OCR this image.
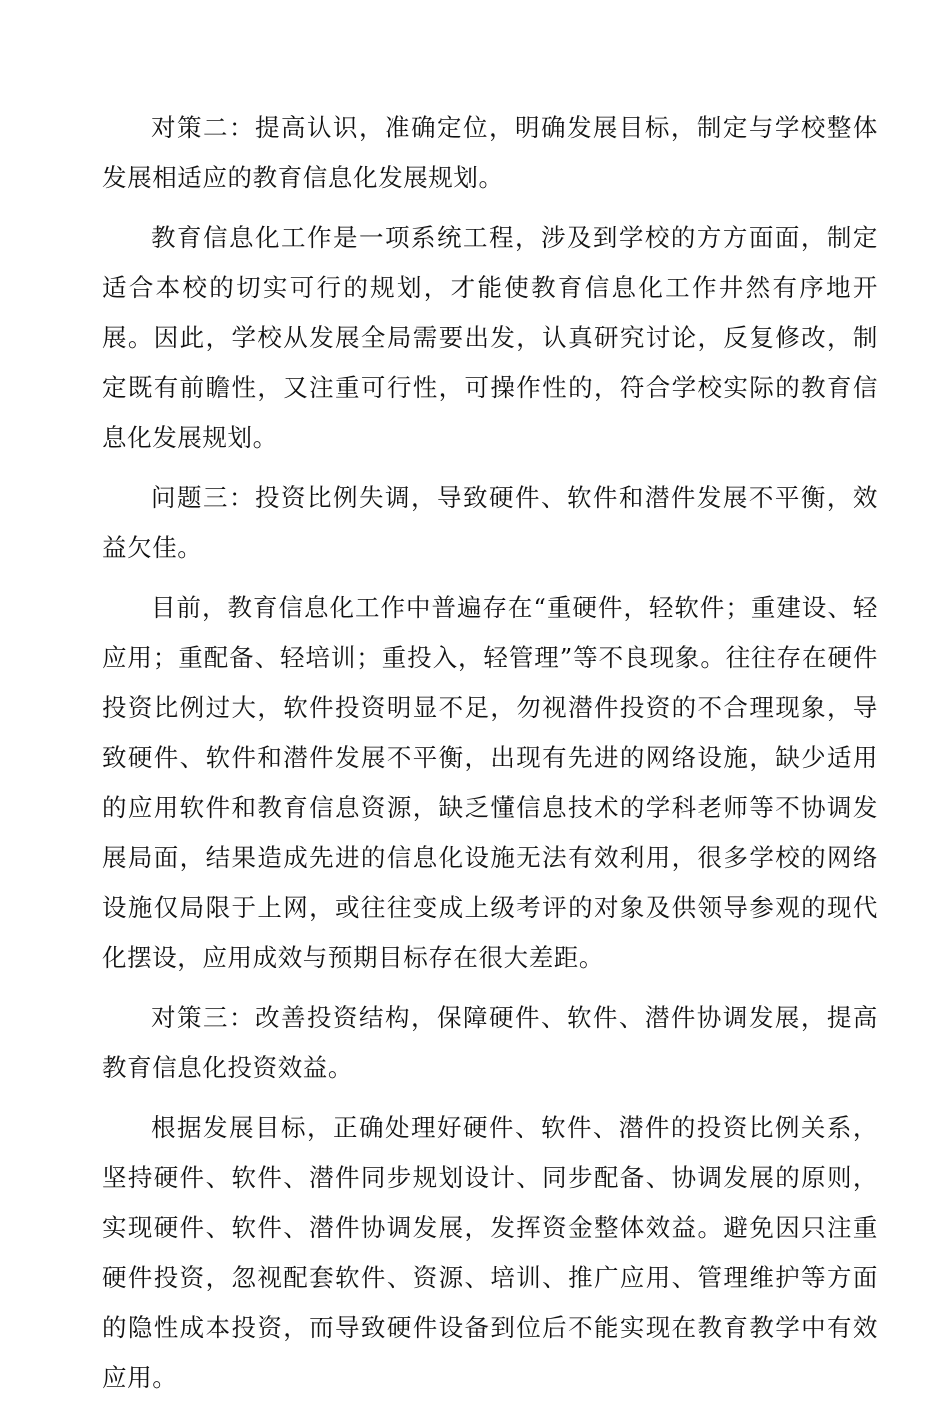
对策二：提高认识，准确定位，明确发展目标，制定与学校整体发展相适应的教育信息化发展规划。

教育信息化工作是一项系统工程，涉及到学校的方方面面，制定适合本校的切实可行的规划，才能使教育信息化工作井然有序地开展。因此，学校从发展全局需要出发，认真研究讨论，反复修改，制定既有前瞻性，又注重可行性，可操作性的，符合学校实际的教育信息化发展规划。

问题三：投资比例失调，导致硬件、软件和潜件发展不平衡，效益欠佳。

目前，教育信息化工作中普遍存在“重硬件，轻软件；重建设、轻应用；重配备、轻培训；重投入，轻管理”等不良现象。往往存在硬件投资比例过大，软件投资明显不足，勿视潜件投资的不合理现象，导致硬件、软件和潜件发展不平衡，出现有先进的网络设施，缺少适用的应用软件和教育信息资源，缺乏懂信息技术的学科老师等不协调发展局面，结果造成先进的信息化设施无法有效利用，很多学校的网络设施仅局限于上网，或往往变成上级考评的对象及供领导参观的现代化摆设，应用成效与预期目标存在很大差距。

对策三：改善投资结构，保障硬件、软件、潜件协调发展，提高教育信息化投资效益。

根据发展目标，正确处理好硬件、软件、潜件的投资比例关系，坚持硬件、软件、潜件同步规划设计、同步配备、协调发展的原则，实现硬件、软件、潜件协调发展，发挥资金整体效益。避免因只注重硬件投资，忽视配套软件、资源、培训、推广应用、管理维护等方面的隐性成本投资，而导致硬件设备到位后不能实现在教育教学中有效应用。
